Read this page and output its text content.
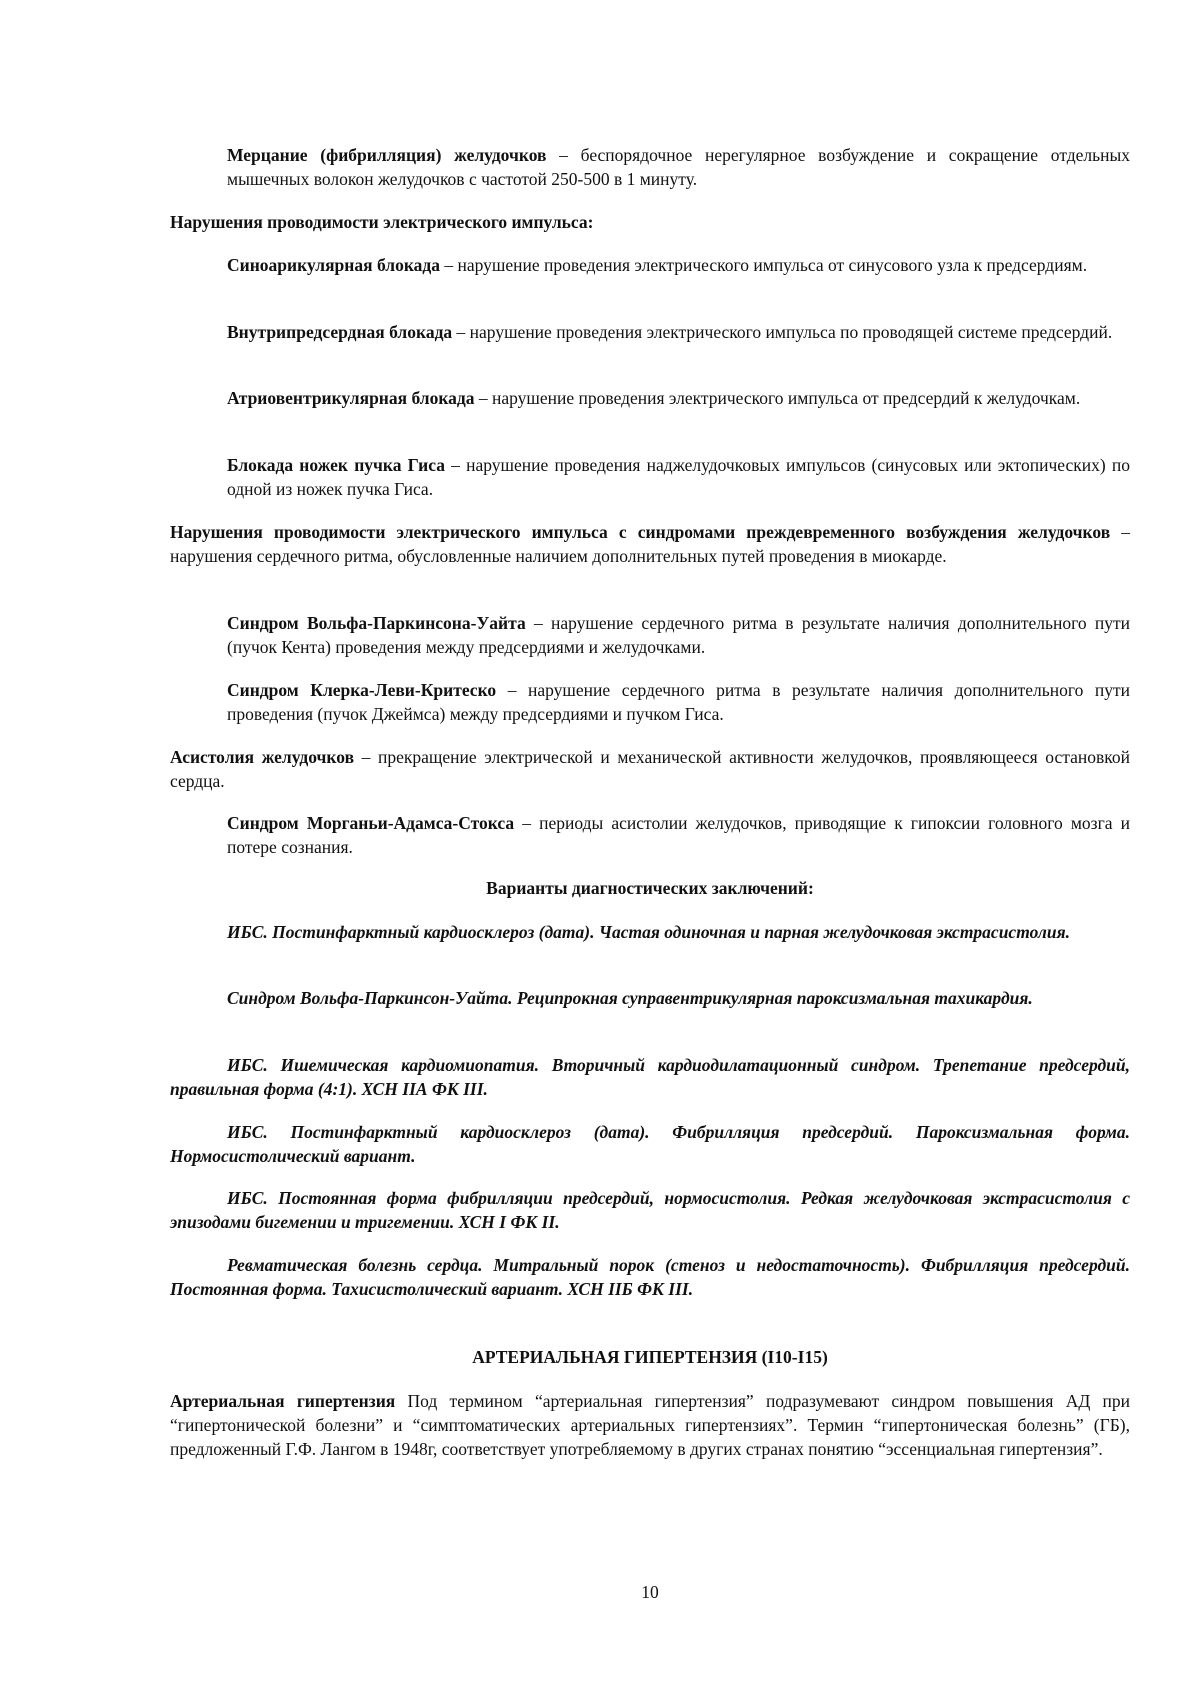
Мерцание (фибрилляция) желудочков – беспорядочное нерегулярное возбуждение и сокращение отдельных мышечных волокон желудочков с частотой 250-500 в 1 минуту.

Нарушения проводимости электрического импульса:

Синоарикулярная блокада – нарушение проведения электрического импульса от синусового узла к предсердиям.

Внутрипредсердная блокада – нарушение проведения электрического импульса по проводящей системе предсердий.

Атриовентрикулярная блокада – нарушение проведения электрического импульса от предсердий к желудочкам.

Блокада ножек пучка Гиса – нарушение проведения наджелудочковых импульсов (синусовых или эктопических) по одной из ножек пучка Гиса.

Нарушения проводимости электрического импульса с синдромами преждевременного возбуждения желудочков – нарушения сердечного ритма, обусловленные наличием дополнительных путей проведения в миокарде.

Синдром Вольфа-Паркинсона-Уайта – нарушение сердечного ритма в результате наличия дополнительного пути (пучок Кента) проведения между предсердиями и желудочками.

Синдром Клерка-Леви-Критеско – нарушение сердечного ритма в результате наличия дополнительного пути проведения (пучок Джеймса) между предсердиями и пучком Гиса.

Асистолия желудочков – прекращение электрической и механической активности желудочков, проявляющееся остановкой сердца.

Синдром Морганьи-Адамса-Стокса – периоды асистолии желудочков, приводящие к гипоксии головного мозга и потере сознания.

Варианты диагностических заключений:

ИБС. Постинфарктный кардиосклероз (дата). Частая одиночная и парная желудочковая экстрасистолия.

Синдром Вольфа-Паркинсон-Уайта. Реципрокная суправентрикулярная пароксизмальная тахикардия.

ИБС. Ишемическая кардиомиопатия. Вторичный кардиодилатационный синдром. Трепетание предсердий, правильная форма (4:1). ХСН IIА ФК III.

ИБС. Постинфарктный кардиосклероз (дата). Фибрилляция предсердий. Пароксизмальная форма. Нормосистолический вариант.

ИБС. Постоянная форма фибрилляции предсердий, нормосистолия. Редкая желудочковая экстрасистолия с эпизодами бигемении и тригемении. ХСН I ФК II.

Ревматическая болезнь сердца. Митральный порок (стеноз и недостаточность). Фибрилляция предсердий. Постоянная форма. Тахисистолический вариант. ХСН IIБ ФК III.

АРТЕРИАЛЬНАЯ ГИПЕРТЕНЗИЯ (I10-I15)

Артериальная гипертензия Под термином “артериальная гипертензия” подразумевают синдром повышения АД при “гипертонической болезни” и “симптоматических артериальных гипертензиях”. Термин “гипертоническая болезнь” (ГБ), предложенный Г.Ф. Лангом в 1948г, соответствует употребляемому в других странах понятию “эссенциальная гипертензия”.

10
